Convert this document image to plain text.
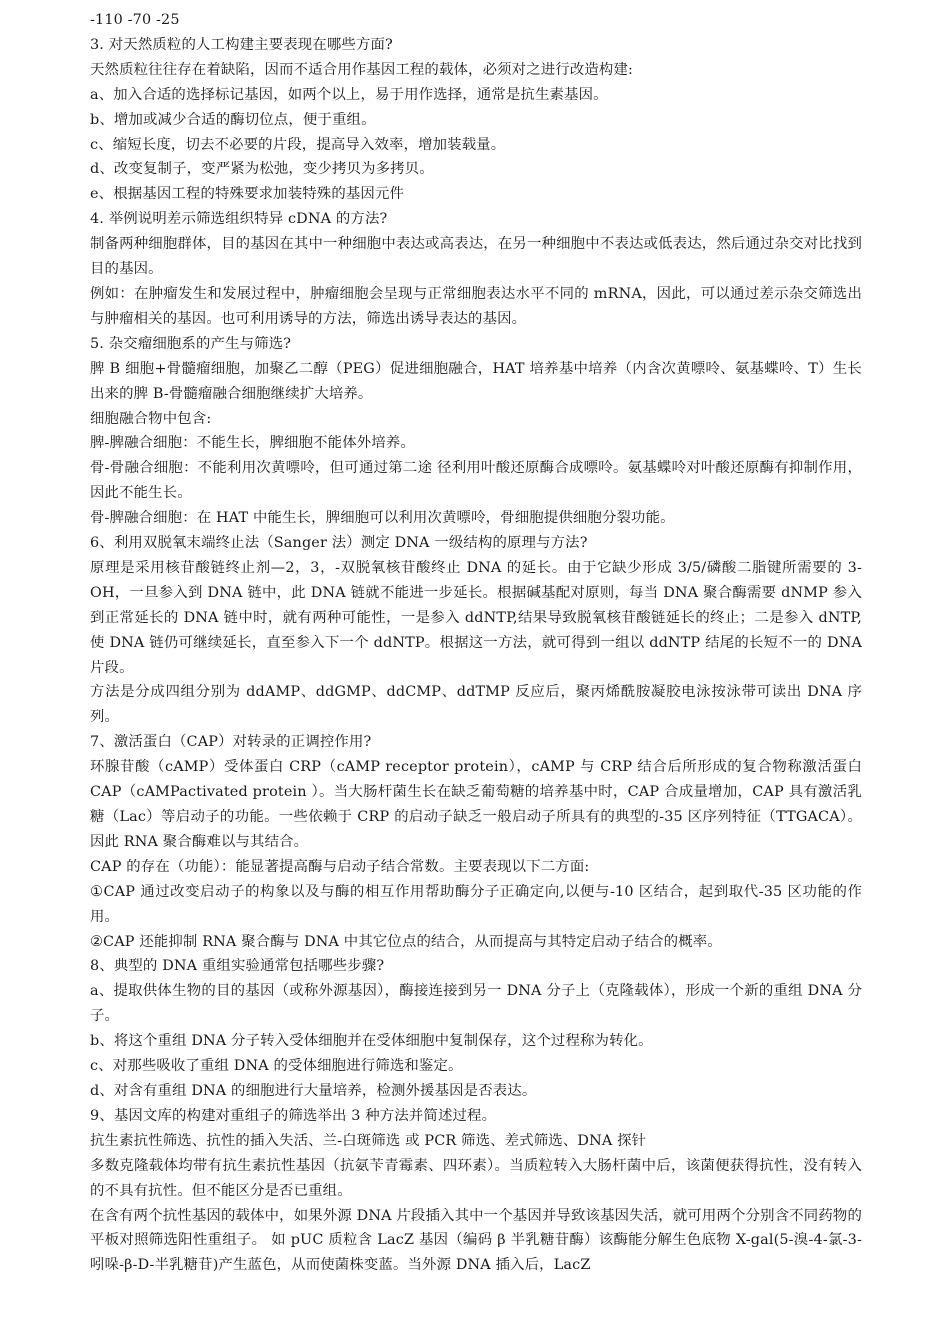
-110 -70 -25

3. 对天然质粒的人工构建主要表现在哪些方面?

天然质粒往往存在着缺陷，因而不适合用作基因工程的载体，必须对之进行改造构建:

a、加入合适的选择标记基因，如两个以上，易于用作选择，通常是抗生素基因。

b、增加或减少合适的酶切位点，便于重组。

c、缩短长度，切去不必要的片段，提高导入效率，增加装载量。

d、改变复制子，变严紧为松弛，变少拷贝为多拷贝。

e、根据基因工程的特殊要求加装特殊的基因元件

4. 举例说明差示筛选组织特异 cDNA 的方法?

制备两种细胞群体，目的基因在其中一种细胞中表达或高表达，在另一种细胞中不表达或低表达，然后通过杂交对比找到目的基因。

例如：在肿瘤发生和发展过程中，肿瘤细胞会呈现与正常细胞表达水平不同的 mRNA，因此，可以通过差示杂交筛选出与肿瘤相关的基因。也可利用诱导的方法，筛选出诱导表达的基因。

5. 杂交瘤细胞系的产生与筛选?

脾 B 细胞+骨髓瘤细胞，加聚乙二醇（PEG）促进细胞融合，HAT 培养基中培养（内含次黄嘌呤、氨基蝶呤、T）生长出来的脾 B-骨髓瘤融合细胞继续扩大培养。

细胞融合物中包含:

脾-脾融合细胞：不能生长，脾细胞不能体外培养。

骨-骨融合细胞：不能利用次黄嘌呤，但可通过第二途 径利用叶酸还原酶合成嘌呤。氨基蝶呤对叶酸还原酶有抑制作用，因此不能生长。

骨-脾融合细胞：在 HAT 中能生长，脾细胞可以利用次黄嘌呤，骨细胞提供细胞分裂功能。

6、利用双脱氧末端终止法（Sanger 法）测定 DNA 一级结构的原理与方法?

原理是采用核苷酸链终止剂—2，3，-双脱氧核苷酸终止 DNA 的延长。由于它缺少形成 3/5/磷酸二脂键所需要的 3-OH，一旦参入到 DNA 链中，此 DNA 链就不能进一步延长。根据碱基配对原则，每当 DNA 聚合酶需要 dNMP 参入到正常延长的 DNA 链中时，就有两种可能性，一是参入 ddNTP,结果导致脱氧核苷酸链延长的终止；二是参入 dNTP,使 DNA 链仍可继续延长，直至参入下一个 ddNTP。根据这一方法，就可得到一组以 ddNTP 结尾的长短不一的 DNA 片段。

方法是分成四组分别为 ddAMP、ddGMP、ddCMP、ddTMP 反应后，聚丙烯酰胺凝胶电泳按泳带可读出 DNA 序列。

7、激活蛋白（CAP）对转录的正调控作用?

环腺苷酸（cAMP）受体蛋白 CRP（cAMP receptor protein），cAMP 与 CRP 结合后所形成的复合物称激活蛋白 CAP（cAMPactivated protein ）。当大肠杆菌生长在缺乏葡萄糖的培养基中时，CAP 合成量增加，CAP 具有激活乳糖（Lac）等启动子的功能。一些依赖于 CRP 的启动子缺乏一般启动子所具有的典型的-35 区序列特征（TTGACA）。因此 RNA 聚合酶难以与其结合。

CAP 的存在（功能）：能显著提高酶与启动子结合常数。主要表现以下二方面:

①CAP 通过改变启动子的构象以及与酶的相互作用帮助酶分子正确定向,以便与-10 区结合，起到取代-35 区功能的作用。

②CAP 还能抑制 RNA 聚合酶与 DNA 中其它位点的结合，从而提高与其特定启动子结合的概率。

8、典型的 DNA 重组实验通常包括哪些步骤?

a、提取供体生物的目的基因（或称外源基因），酶接连接到另一 DNA 分子上（克隆载体），形成一个新的重组 DNA 分子。

b、将这个重组 DNA 分子转入受体细胞并在受体细胞中复制保存，这个过程称为转化。

c、对那些吸收了重组 DNA 的受体细胞进行筛选和鉴定。

d、对含有重组 DNA 的细胞进行大量培养，检测外援基因是否表达。

9、基因文库的构建对重组子的筛选举出 3 种方法并简述过程。

抗生素抗性筛选、抗性的插入失活、兰-白斑筛选 或 PCR 筛选、差式筛选、DNA 探针

多数克隆载体均带有抗生素抗性基因（抗氨苄青霉素、四环素）。当质粒转入大肠杆菌中后，该菌便获得抗性，没有转入的不具有抗性。但不能区分是否已重组。

在含有两个抗性基因的载体中，如果外源 DNA 片段插入其中一个基因并导致该基因失活，就可用两个分别含不同药物的平板对照筛选阳性重组子。 如 pUC 质粒含 LacZ 基因（编码 β 半乳糖苷酶）该酶能分解生色底物 X-gal(5-溴-4-氯-3-吲哚-β-D-半乳糖苷)产生蓝色，从而使菌株变蓝。当外源 DNA 插入后，LacZ
